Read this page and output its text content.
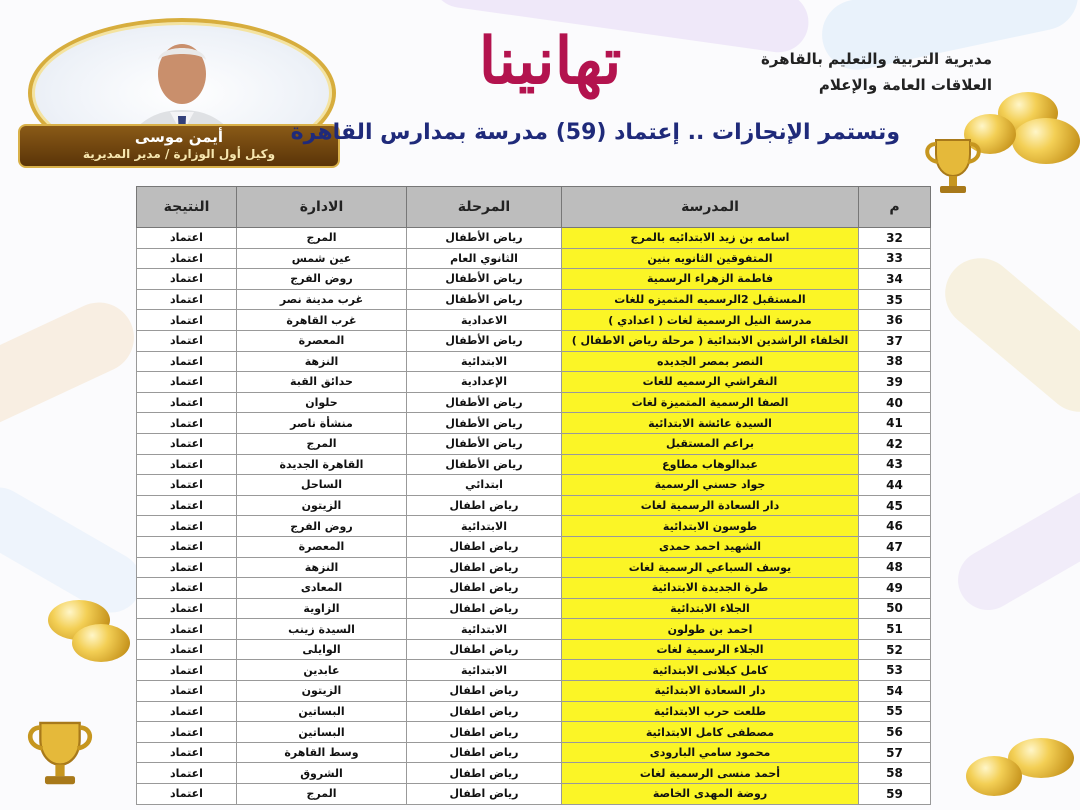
أيمن موسى
وكيل أول الوزارة / مدير المديرية
تهانينا	مديرية التربية والتعليم بالقاهرة
العلاقات العامة والإعلام
وتستمر الإنجازات .. إعتماد (59) مدرسة بمدارس القاهرة
م	المدرسة	المرحلة	الادارة	النتيجة
32	اسامه بن زيد الابتدائيه بالمرج	رياض الأطفال	المرج	اعتماد
33	المتفوقين الثانويه بنين	الثانوي العام	عين شمس	اعتماد
34	فاطمة الزهراء الرسمية	رياض الأطفال	روض الفرج	اعتماد
35	المستقبل 2الرسميه المتميزه للغات	رياض الأطفال	غرب مدينة نصر	اعتماد
36	مدرسة النيل الرسمية لغات ( اعدادي )	الاعدادية	غرب القاهرة	اعتماد
37	الخلفاء الراشدين الابتدائية ( مرحلة رياض الاطفال )	رياض الأطفال	المعصرة	اعتماد
38	النصر بمصر الجديده	الابتدائية	النزهة	اعتماد
39	النقراشي الرسميه للغات	الإعدادية	حدائق القبة	اعتماد
40	الصفا الرسمية المتميزة لغات	رياض الأطفال	حلوان	اعتماد
41	السيدة عائشة الابتدائية	رياض الأطفال	منشأة ناصر	اعتماد
42	براعم المستقبل	رياض الأطفال	المرج	اعتماد
43	عبدالوهاب مطاوع	رياض الأطفال	القاهرة الجديدة	اعتماد
44	جواد حسني الرسمية	ابتدائي	الساحل	اعتماد
45	دار السعادة الرسمية لغات	رياض اطفال	الزيتون	اعتماد
46	طوسون الابتدائية	الابتدائية	روض الفرج	اعتماد
47	الشهيد احمد حمدى	رياض اطفال	المعصرة	اعتماد
48	يوسف السباعي الرسمية لغات	رياض اطفال	النزهة	اعتماد
49	طرة الجديدة الابتدائية	رياض اطفال	المعادى	اعتماد
50	الجلاء الابتدائية	رياض اطفال	الزاوية	اعتماد
51	احمد بن طولون	الابتدائية	السيدة زينب	اعتماد
52	الجلاء الرسمية لغات	رياض اطفال	الوايلى	اعتماد
53	كامل كيلانى الابتدائية	الابتدائية	عابدين	اعتماد
54	دار السعادة الابتدائية	رياض اطفال	الزيتون	اعتماد
55	طلعت حرب الابتدائية	رياض اطفال	البساتين	اعتماد
56	مصطفى كامل الابتدائية	رياض اطفال	البساتين	اعتماد
57	محمود سامي البارودى	رياض اطفال	وسط القاهرة	اعتماد
58	أحمد منسى الرسمية لغات	رياض اطفال	الشروق	اعتماد
59	روضة المهدى الخاصة	رياض اطفال	المرج	اعتماد
